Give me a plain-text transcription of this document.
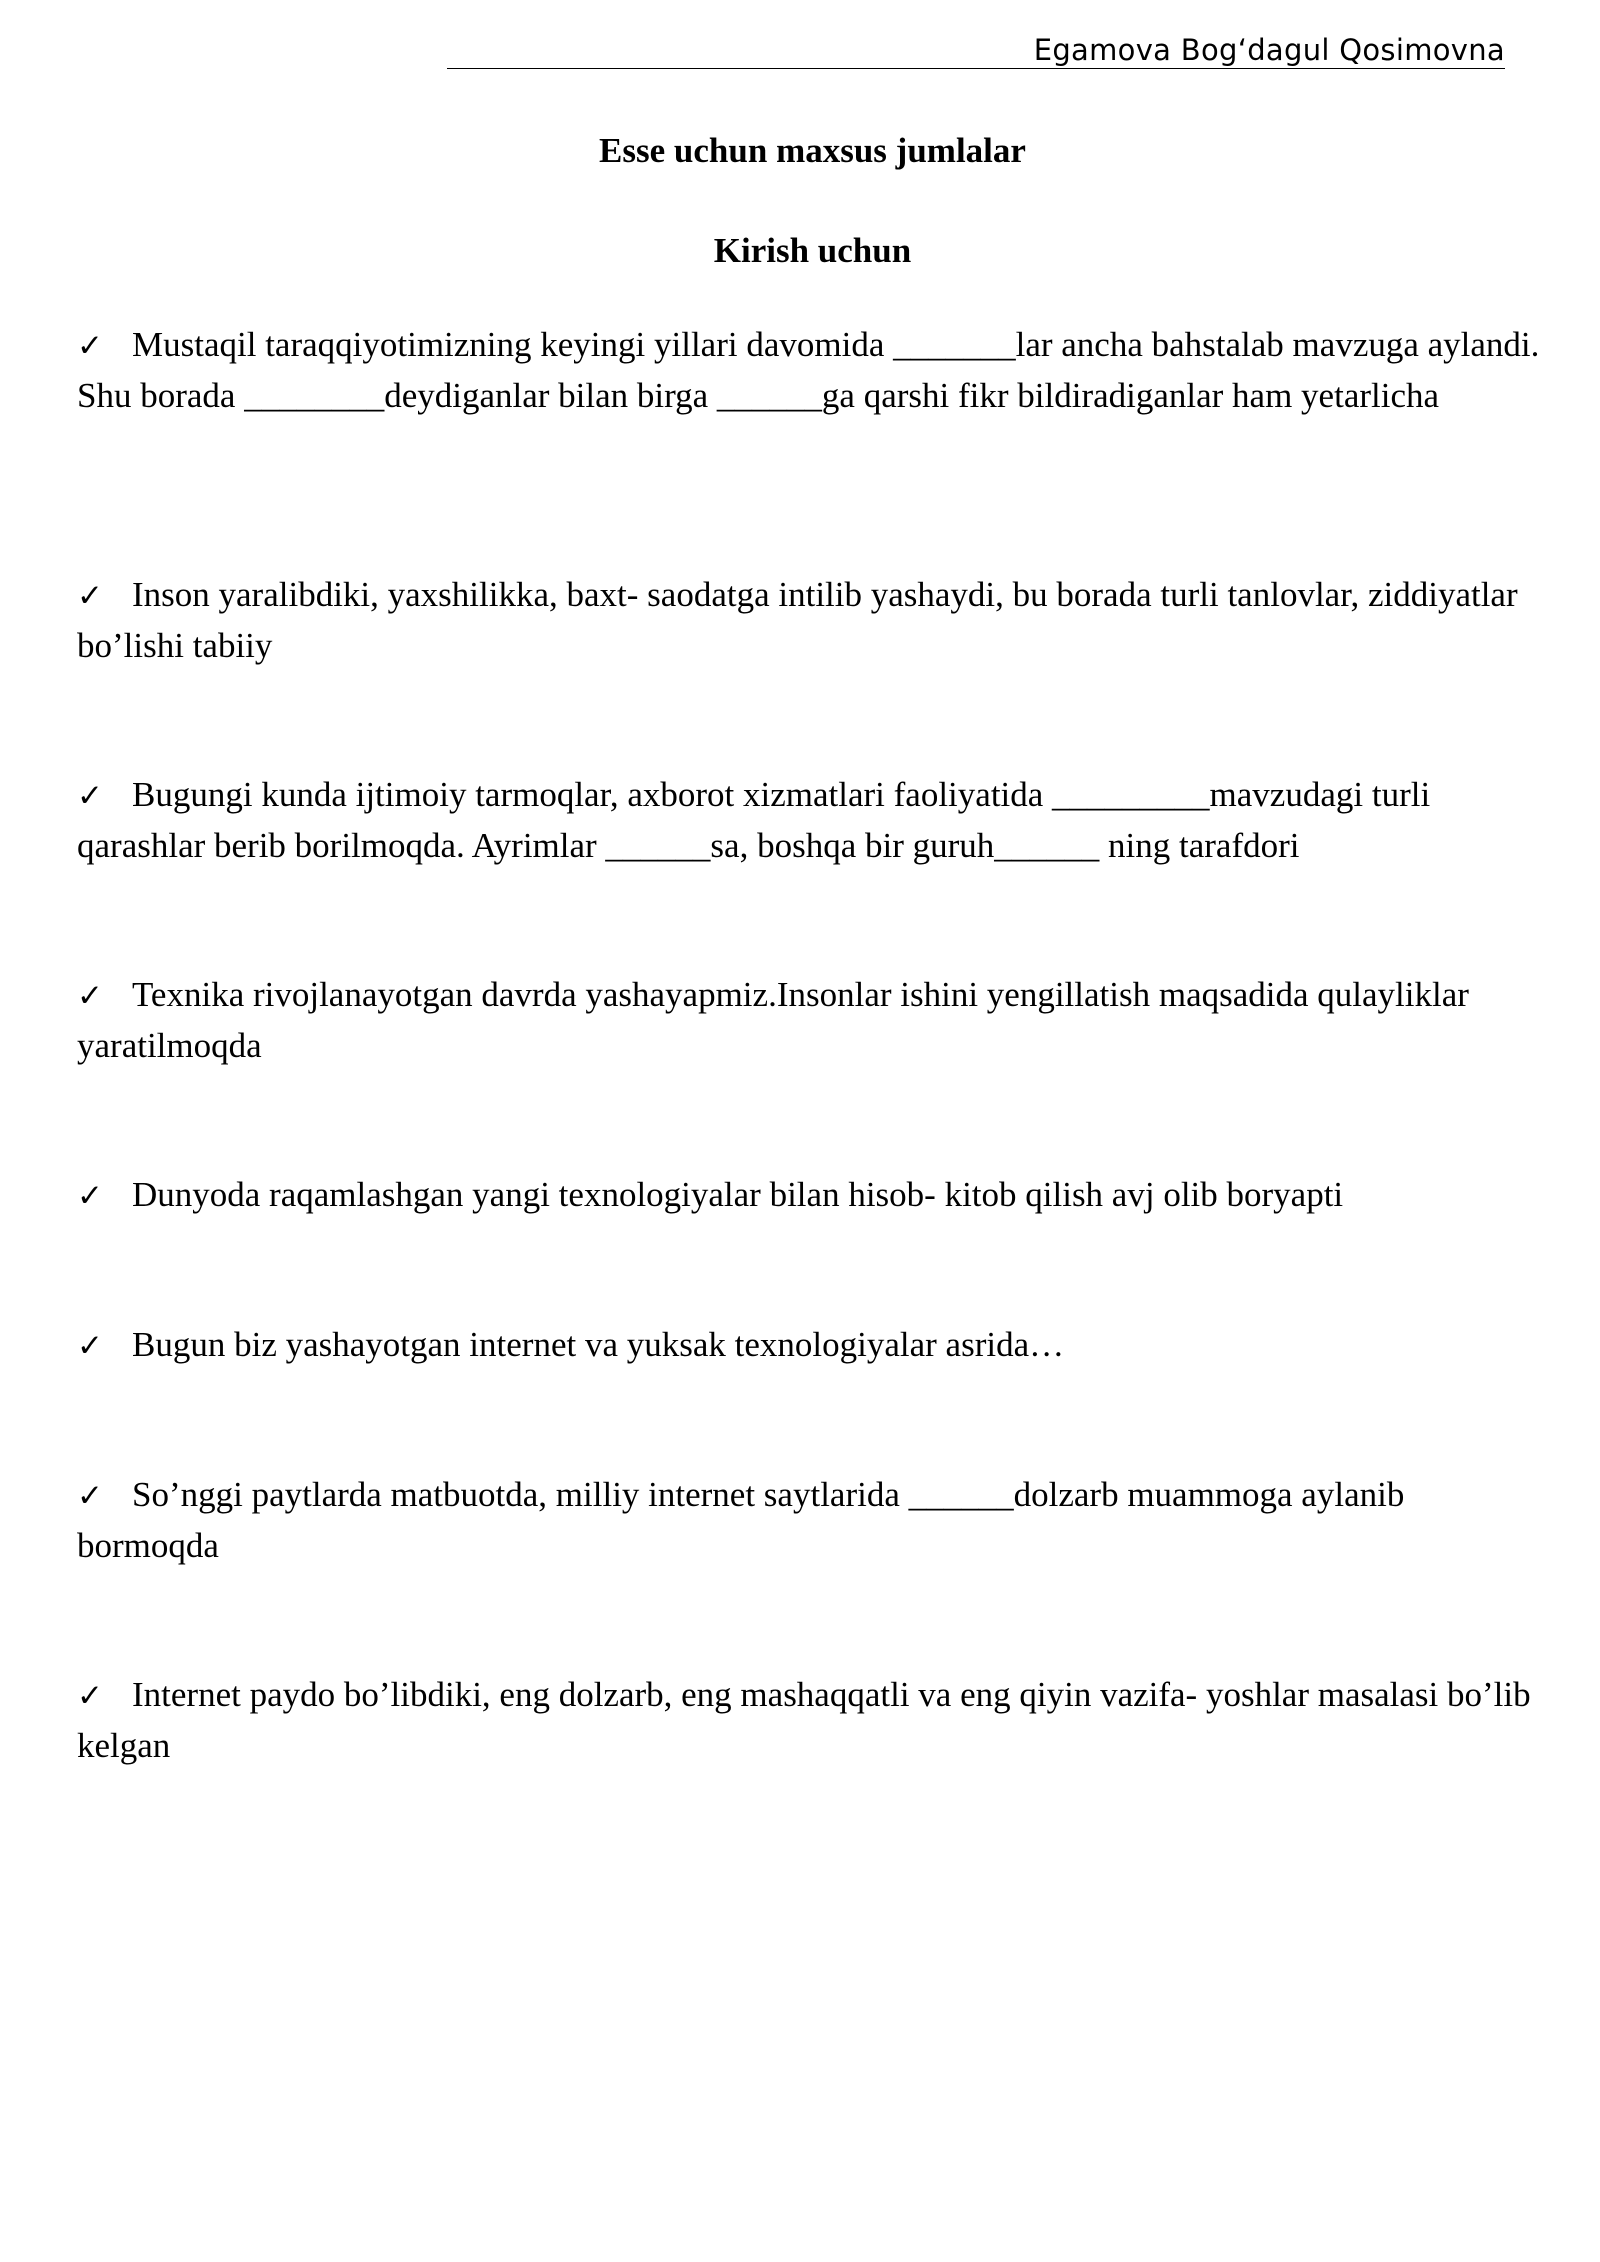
Egamova Bog‘dagul Qosimovna
Esse uchun maxsus jumlalar
Kirish uchun
✓ Mustaqil taraqqiyotimizning keyingi yillari davomida _______lar ancha bahstalab mavzuga aylandi. Shu borada ________deydiganlar bilan birga ______ga qarshi fikr bildiradiganlar ham yetarlicha
✓ Inson yaralibdiki, yaxshilikka, baxt- saodatga intilib yashaydi, bu borada turli tanlovlar, ziddiyatlar bo’lishi tabiiy
✓ Bugungi kunda ijtimoiy tarmoqlar, axborot xizmatlari faoliyatida _________mavzudagi turli qarashlar berib borilmoqda. Ayrimlar ______sa, boshqa bir guruh______ ning tarafdori
✓ Texnika rivojlanayotgan davrda yashayapmiz.Insonlar ishini yengillatish maqsadida qulayliklar yaratilmoqda
✓ Dunyoda raqamlashgan yangi texnologiyalar bilan hisob- kitob qilish avj olib boryapti
✓ Bugun biz yashayotgan internet va yuksak texnologiyalar asrida…
✓ So’nggi paytlarda matbuotda, milliy internet saytlarida ______dolzarb muammoga aylanib bormoqda
✓ Internet paydo bo’libdiki, eng dolzarb, eng mashaqqatli va eng qiyin vazifa- yoshlar masalasi bo’lib kelgan
